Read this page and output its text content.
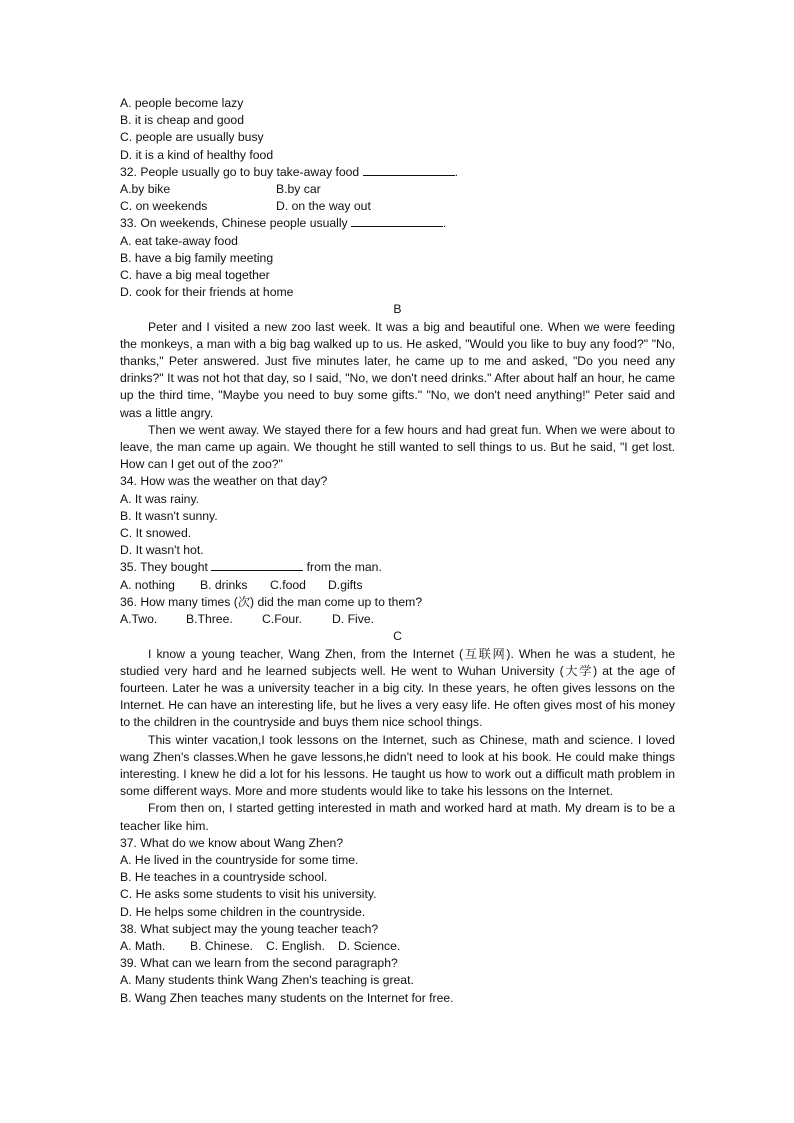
A. people become lazy
B. it is cheap and good
C. people are usually busy
D. it is a kind of healthy food
32. People usually go to buy take-away food	.
A.by bike	B.by car
C. on weekends	D. on the way out
33. On weekends, Chinese people usually	.
A. eat take-away food
B. have a big family meeting
C. have a big meal together
D. cook for their friends at home
B
Peter and I visited a new zoo last week. It was a big and beautiful one. When we were feeding the monkeys, a man with a big bag walked up to us. He asked, "Would you like to buy any food?" "No, thanks," Peter answered. Just five minutes later, he came up to me and asked, "Do you need any drinks?" It was not hot that day, so I said, "No, we don't need drinks." After about half an hour, he came up the third time, "Maybe you need to buy some gifts." "No, we don't need anything!" Peter said and was a little angry.
Then we went away. We stayed there for a few hours and had great fun. When we were about to leave, the man came up again. We thought he still wanted to sell things to us. But he said, "I get lost. How can I get out of the zoo?"
34. How was the weather on that day?
A. It was rainy.
B. It wasn't sunny.
C. It snowed.
D. It wasn't hot.
35. They bought	from the man.
A. nothing B. drinks C.food D.gifts
36. How many times (次) did the man come up to them?
A.Two. B.Three. C.Four. D. Five.
C
I know a young teacher, Wang Zhen, from the Internet (互联网). When he was a student, he studied very hard and he learned subjects well. He went to Wuhan University (大学) at the age of fourteen. Later he was a university teacher in a big city. In these years, he often gives lessons on the Internet. He can have an interesting life, but he lives a very easy life. He often gives most of his money to the children in the countryside and buys them nice school things.
This winter vacation,I took lessons on the Internet, such as Chinese, math and science. I loved wang Zhen's classes.When he gave lessons,he didn't need to look at his book. He could make things interesting. I knew he did a lot for his lessons. He taught us how to work out a difficult math problem in some different ways. More and more students would like to take his lessons on the Internet.
From then on, I started getting interested in math and worked hard at math. My dream is to be a teacher like him.
37. What do we know about Wang Zhen?
A. He lived in the countryside for some time.
B. He teaches in a countryside school.
C. He asks some students to visit his university.
D. He helps some children in the countryside.
38. What subject may the young teacher teach?
A. Math. B. Chinese. C. English. D. Science.
39. What can we learn from the second paragraph?
A. Many students think Wang Zhen's teaching is great.
B. Wang Zhen teaches many students on the Internet for free.
